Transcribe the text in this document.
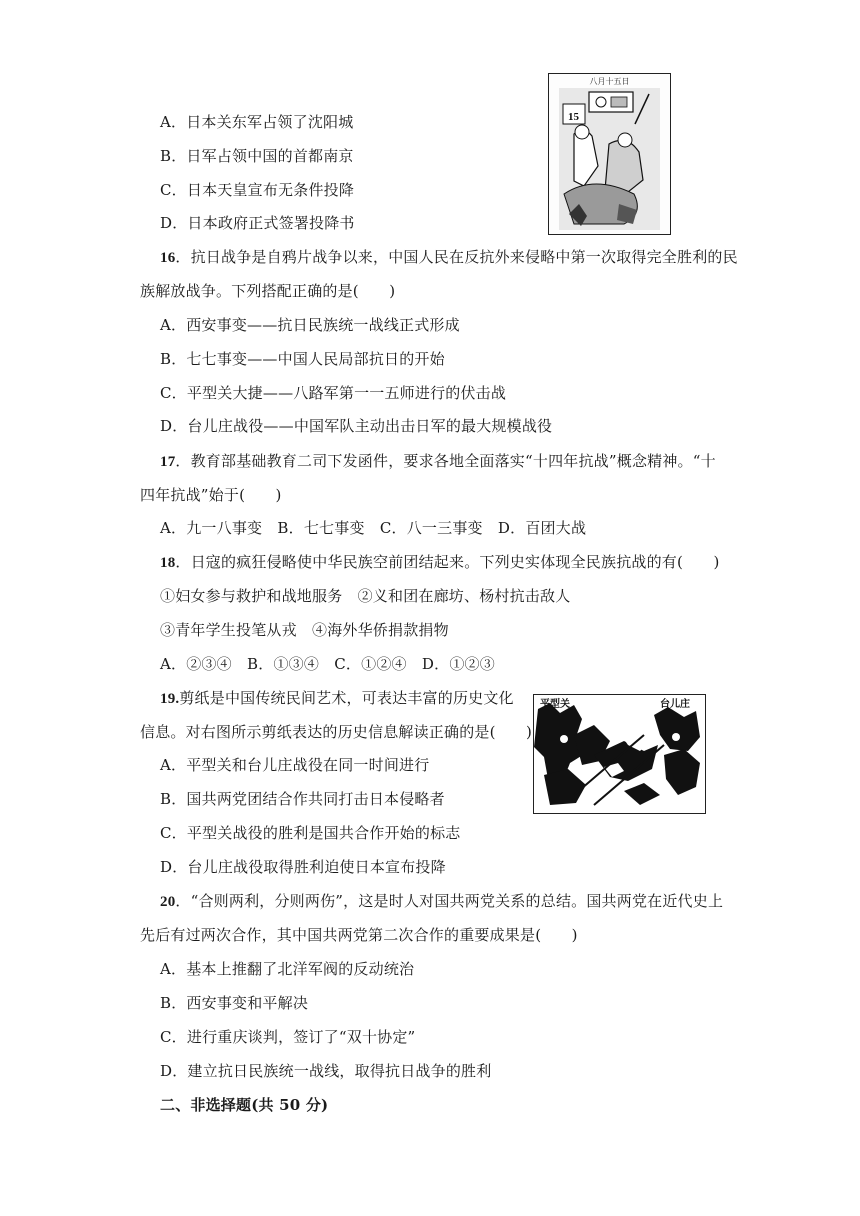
A．日本关东军占领了沈阳城
B．日军占领中国的首都南京
C．日本天皇宣布无条件投降
D．日本政府正式签署投降书
八月十五日
15
16．抗日战争是自鸦片战争以来，中国人民在反抗外来侵略中第一次取得完全胜利的民
族解放战争。下列搭配正确的是(　　)
A．西安事变——抗日民族统一战线正式形成
B．七七事变——中国人民局部抗日的开始
C．平型关大捷——八路军第一一五师进行的伏击战
D．台儿庄战役——中国军队主动出击日军的最大规模战役
17．教育部基础教育二司下发函件，要求各地全面落实“十四年抗战”概念精神。“十
四年抗战”始于(　　)
A．九一八事变　B．七七事变　C．八一三事变　D．百团大战
18．日寇的疯狂侵略使中华民族空前团结起来。下列史实体现全民族抗战的有(　　)
①妇女参与救护和战地服务　②义和团在廊坊、杨村抗击敌人
③青年学生投笔从戎　④海外华侨捐款捐物
A．②③④　B．①③④　C．①②④　D．①②③
19.剪纸是中国传统民间艺术，可表达丰富的历史文化
信息。对右图所示剪纸表达的历史信息解读正确的是(　　)
A．平型关和台儿庄战役在同一时间进行
B．国共两党团结合作共同打击日本侵略者
C．平型关战役的胜利是国共合作开始的标志
D．台儿庄战役取得胜利迫使日本宣布投降
平型关	台儿庄
20．“合则两利，分则两伤”，这是时人对国共两党关系的总结。国共两党在近代史上
先后有过两次合作，其中国共两党第二次合作的重要成果是(　　)
A．基本上推翻了北洋军阀的反动统治
B．西安事变和平解决
C．进行重庆谈判，签订了“双十协定”
D．建立抗日民族统一战线，取得抗日战争的胜利
二、非选择题(共 50 分)
